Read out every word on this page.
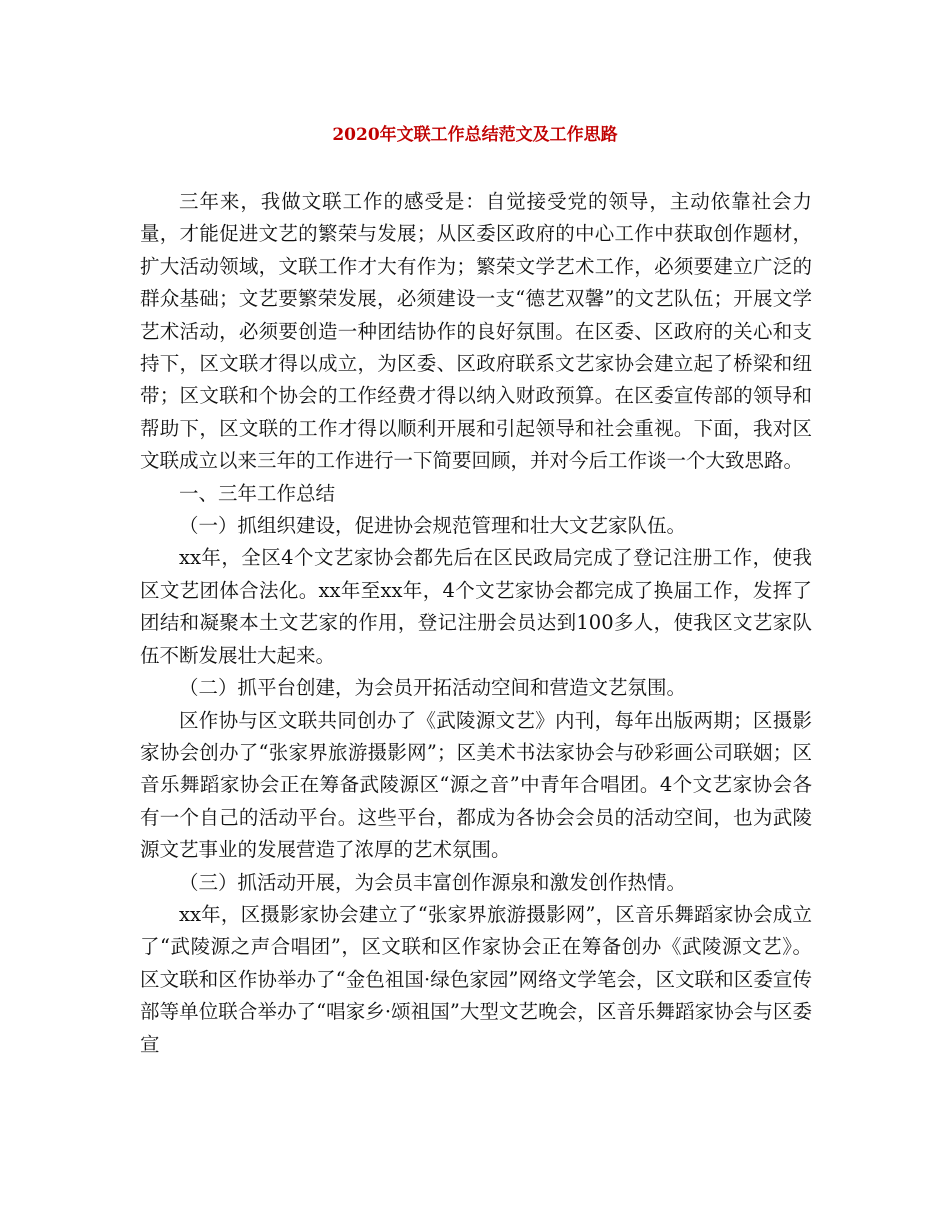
2020年文联工作总结范文及工作思路

三年来，我做文联工作的感受是：自觉接受党的领导，主动依靠社会力量，才能促进文艺的繁荣与发展；从区委区政府的中心工作中获取创作题材，扩大活动领域，文联工作才大有作为；繁荣文学艺术工作，必须要建立广泛的群众基础；文艺要繁荣发展，必须建设一支“德艺双馨”的文艺队伍；开展文学艺术活动，必须要创造一种团结协作的良好氛围。在区委、区政府的关心和支持下，区文联才得以成立，为区委、区政府联系文艺家协会建立起了桥梁和纽带；区文联和个协会的工作经费才得以纳入财政预算。在区委宣传部的领导和帮助下，区文联的工作才得以顺利开展和引起领导和社会重视。下面，我对区文联成立以来三年的工作进行一下简要回顾，并对今后工作谈一个大致思路。

一、三年工作总结

（一）抓组织建设，促进协会规范管理和壮大文艺家队伍。

xx年，全区4个文艺家协会都先后在区民政局完成了登记注册工作，使我区文艺团体合法化。xx年至xx年，4个文艺家协会都完成了换届工作，发挥了团结和凝聚本土文艺家的作用，登记注册会员达到100多人，使我区文艺家队伍不断发展壮大起来。

（二）抓平台创建，为会员开拓活动空间和营造文艺氛围。

区作协与区文联共同创办了《武陵源文艺》内刊，每年出版两期；区摄影家协会创办了“张家界旅游摄影网”；区美术书法家协会与砂彩画公司联姻；区音乐舞蹈家协会正在筹备武陵源区“源之音”中青年合唱团。4个文艺家协会各有一个自己的活动平台。这些平台，都成为各协会会员的活动空间，也为武陵源文艺事业的发展营造了浓厚的艺术氛围。

（三）抓活动开展，为会员丰富创作源泉和激发创作热情。

xx年，区摄影家协会建立了“张家界旅游摄影网”，区音乐舞蹈家协会成立了“武陵源之声合唱团”，区文联和区作家协会正在筹备创办《武陵源文艺》。区文联和区作协举办了“金色祖国·绿色家园”网络文学笔会，区文联和区委宣传部等单位联合举办了“唱家乡·颂祖国”大型文艺晚会，区音乐舞蹈家协会与区委宣
